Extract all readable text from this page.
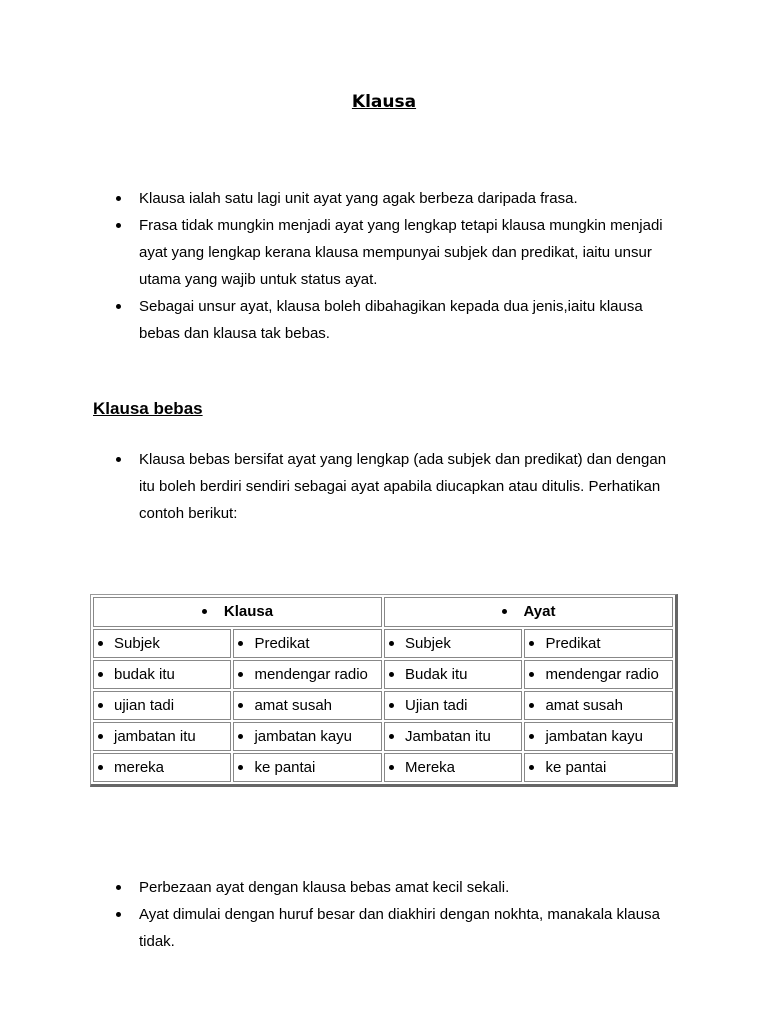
Klausa
Klausa ialah satu lagi unit ayat yang agak berbeza daripada frasa.
Frasa tidak mungkin menjadi ayat yang lengkap tetapi klausa mungkin menjadi ayat yang lengkap kerana klausa mempunyai subjek dan predikat, iaitu unsur utama yang wajib untuk status ayat.
Sebagai unsur ayat, klausa boleh dibahagikan kepada dua jenis,iaitu klausa bebas dan klausa tak bebas.
Klausa bebas
Klausa bebas bersifat ayat yang lengkap (ada subjek dan predikat) dan dengan itu boleh berdiri sendiri sebagai ayat apabila diucapkan atau ditulis. Perhatikan contoh berikut:
Klausa		Ayat	

Subjek	Predikat	Subjek	Predikat

budak itu	mendengar radio	Budak itu	mendengar radio

ujian tadi	amat susah	Ujian tadi	amat susah

jambatan itu	jambatan kayu	Jambatan itu	jambatan kayu

mereka	ke pantai	Mereka	ke pantai
Perbezaan ayat dengan klausa bebas amat kecil sekali.
Ayat dimulai dengan huruf besar dan diakhiri dengan nokhta, manakala klausa tidak.
